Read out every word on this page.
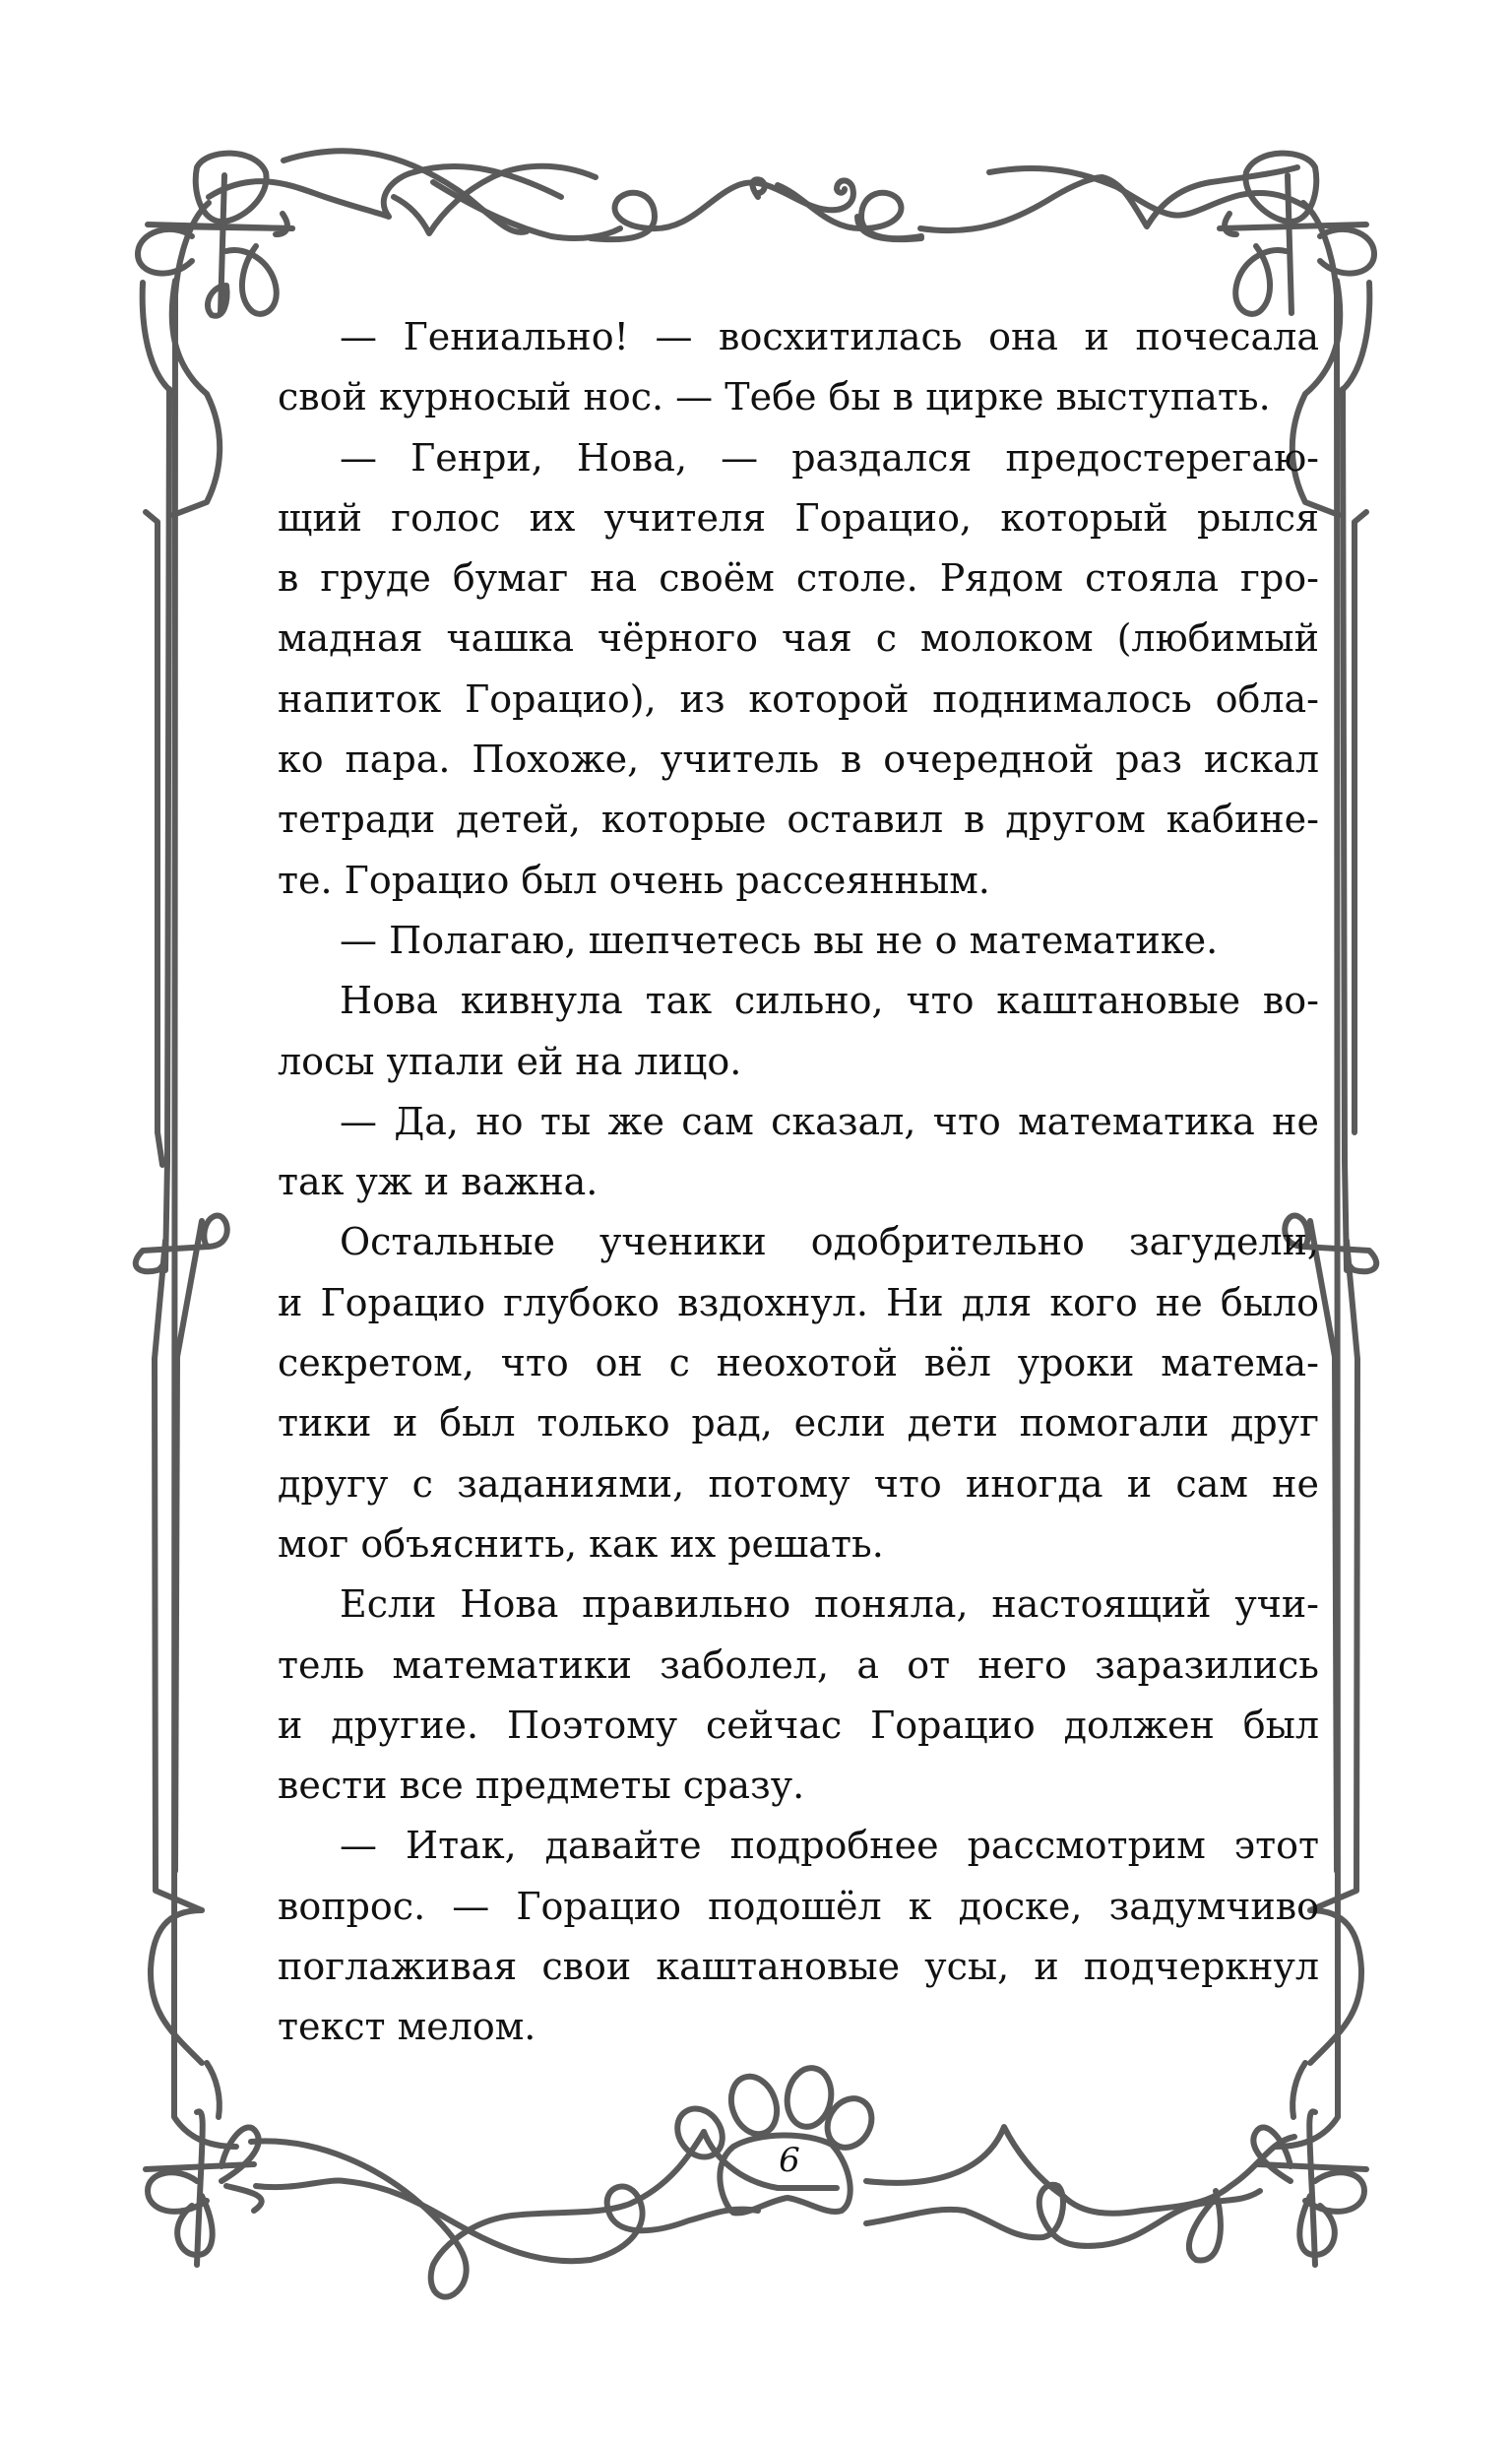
— Гениально! — восхитилась она и почесала
свой курносый нос. — Тебе бы в цирке выступать.
— Генри, Нова, — раздался предостерегаю-
щий голос их учителя Горацио, который рылся
в груде бумаг на своём столе. Рядом стояла гро-
мадная чашка чёрного чая с молоком (любимый
напиток Горацио), из которой поднималось обла-
ко пара. Похоже, учитель в очередной раз искал
тетради детей, которые оставил в другом кабине-
те. Горацио был очень рассеянным.
— Полагаю, шепчетесь вы не о математике.
Нова кивнула так сильно, что каштановые во-
лосы упали ей на лицо.
— Да, но ты же сам сказал, что математика не
так уж и важна.
Остальные ученики одобрительно загудели,
и Горацио глубоко вздохнул. Ни для кого не было
секретом, что он с неохотой вёл уроки матема-
тики и был только рад, если дети помогали друг
другу с заданиями, потому что иногда и сам не
мог объяснить, как их решать.
Если Нова правильно поняла, настоящий учи-
тель математики заболел, а от него заразились
и другие. Поэтому сейчас Горацио должен был
вести все предметы сразу.
— Итак, давайте подробнее рассмотрим этот
вопрос. — Горацио подошёл к доске, задумчиво
поглаживая свои каштановые усы, и подчеркнул
текст мелом.
6
